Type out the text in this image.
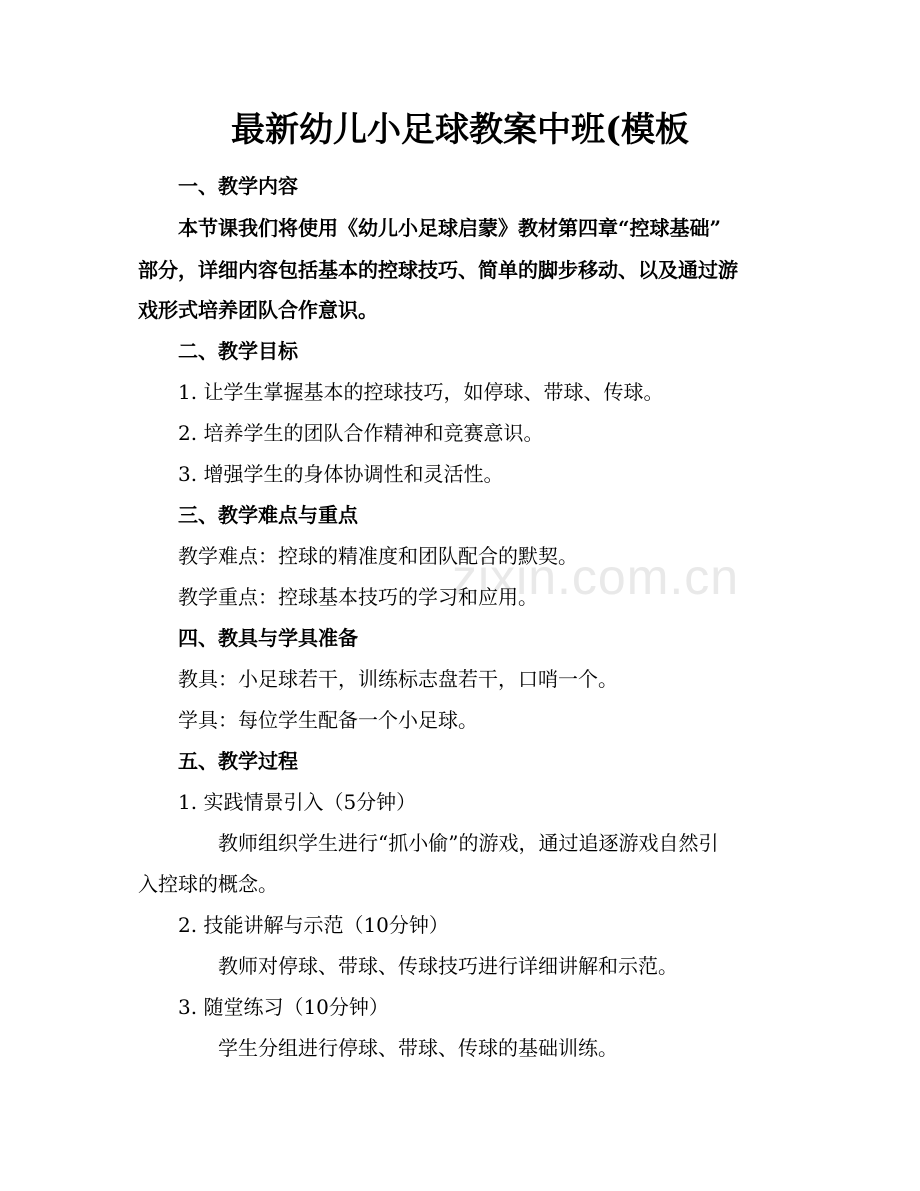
最新幼儿小足球教案中班(模板
zixin.com.cn
一、教学内容
本节课我们将使用《幼儿小足球启蒙》教材第四章“控球基础”
部分，详细内容包括基本的控球技巧、简单的脚步移动、以及通过游
戏形式培养团队合作意识。
二、教学目标
1. 让学生掌握基本的控球技巧，如停球、带球、传球。
2. 培养学生的团队合作精神和竞赛意识。
3. 增强学生的身体协调性和灵活性。
三、教学难点与重点
教学难点：控球的精准度和团队配合的默契。
教学重点：控球基本技巧的学习和应用。
四、教具与学具准备
教具：小足球若干，训练标志盘若干，口哨一个。
学具：每位学生配备一个小足球。
五、教学过程
1. 实践情景引入（5分钟）
教师组织学生进行“抓小偷”的游戏，通过追逐游戏自然引
入控球的概念。
2. 技能讲解与示范（10分钟）
教师对停球、带球、传球技巧进行详细讲解和示范。
3. 随堂练习（10分钟）
学生分组进行停球、带球、传球的基础训练。
